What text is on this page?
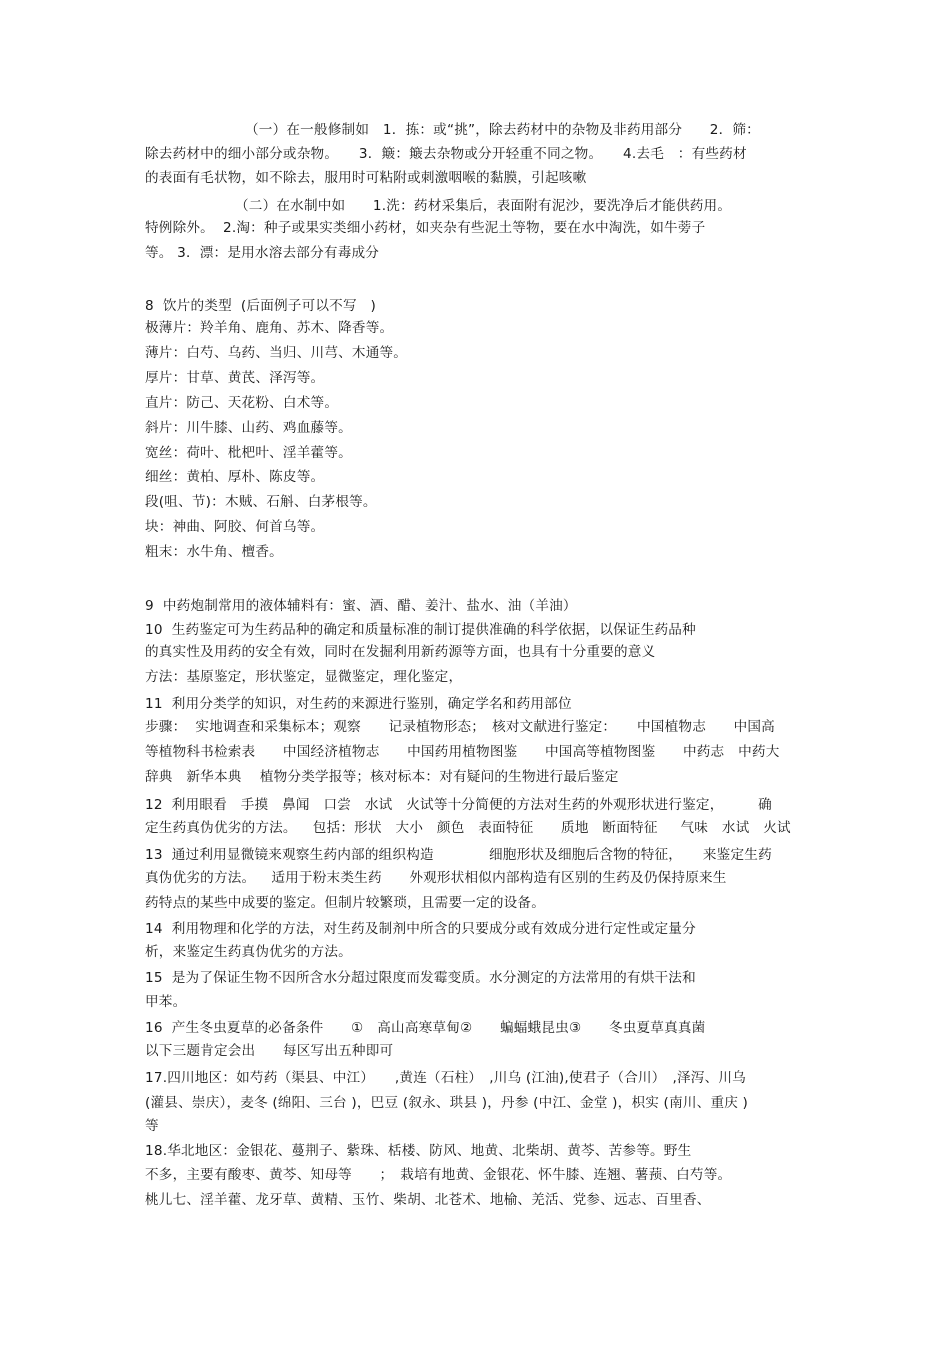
（一）在一般修制如　1．拣：或“挑”，除去药材中的杂物及非药用部分　　2．筛：
除去药材中的细小部分或杂物。　　3．簸：簸去杂物或分开轻重不同之物。　　4.去毛　：有些药材
的表面有毛状物，如不除去，服用时可粘附或刺激咽喉的黏膜，引起咳嗽
（二）在水制中如　　1.洗：药材采集后，表面附有泥沙，要洗净后才能供药用。
特例除外。  2.淘：种子或果实类细小药材，如夹杂有些泥土等物，要在水中淘洗，如牛蒡子
等。 3．漂：是用水溶去部分有毒成分
8  饮片的类型  (后面例子可以不写　)
极薄片：羚羊角、鹿角、苏木、降香等。
薄片：白芍、乌药、当归、川芎、木通等。
厚片：甘草、黄芪、泽泻等。
直片：防己、天花粉、白术等。
斜片：川牛膝、山药、鸡血藤等。
宽丝：荷叶、枇杷叶、淫羊藿等。
细丝：黄柏、厚朴、陈皮等。
段(咀、节)：木贼、石斛、白茅根等。
块：神曲、阿胶、何首乌等。
粗末：水牛角、檀香。
9  中药炮制常用的液体辅料有：蜜、酒、醋、姜汁、盐水、油（羊油）
10  生药鉴定可为生药品种的确定和质量标准的制订提供准确的科学依据，以保证生药品种
的真实性及用药的安全有效，同时在发掘利用新药源等方面，也具有十分重要的意义
方法：基原鉴定，形状鉴定，显微鉴定，理化鉴定，
11  利用分类学的知识，对生药的来源进行鉴别，确定学名和药用部位
步骤：  实地调查和采集标本；观察　　记录植物形态；　核对文献进行鉴定：　　中国植物志　　中国高
等植物科书检索表　　中国经济植物志　　中国药用植物图鉴　　中国高等植物图鉴　　中药志　中药大
辞典　新华本典　 植物分类学报等；核对标本：对有疑问的生物进行最后鉴定
12  利用眼看　手摸　鼻闻　口尝　水试　火试等十分简便的方法对生药的外观形状进行鉴定，　　　确
定生药真伪优劣的方法。　  包括：形状　大小　颜色　表面特征　　质地　断面特征　  气味　水试　火试
13  通过利用显微镜来观察生药内部的组织构造　　　　细胞形状及细胞后含物的特征，　　来鉴定生药
真伪优劣的方法。　  适用于粉末类生药　　外观形状相似内部构造有区别的生药及仍保持原来生
药特点的某些中成要的鉴定。但制片较繁琐，且需要一定的设备。
14  利用物理和化学的方法，对生药及制剂中所含的只要成分或有效成分进行定性或定量分
析，来鉴定生药真伪优劣的方法。
15  是为了保证生物不因所含水分超过限度而发霉变质。水分测定的方法常用的有烘干法和
甲苯。
16  产生冬虫夏草的必备条件　　①　高山高寒草甸②　　蝙蝠蛾昆虫③　　冬虫夏草真真菌
以下三题肯定会出　　每区写出五种即可
17.四川地区：如芍药（渠县、中江）　　,黄连（石柱）　,川乌 (江油),使君子（合川）　,泽泻、川乌
(灌县、崇庆），麦冬 (绵阳、三台 )，巴豆 (叙永、珙县 )，丹参 (中江、金堂 )，枳实 (南川、重庆 )
等
18.华北地区：金银花、蔓荆子、紫珠、栝楼、防风、地黄、北柴胡、黄芩、苦参等。野生
不多，主要有酸枣、黄芩、知母等　　；　栽培有地黄、金银花、怀牛膝、连翘、薯蓣、白芍等。
桃儿七、淫羊藿、龙牙草、黄精、玉竹、柴胡、北苍术、地榆、羌活、党参、远志、百里香、
